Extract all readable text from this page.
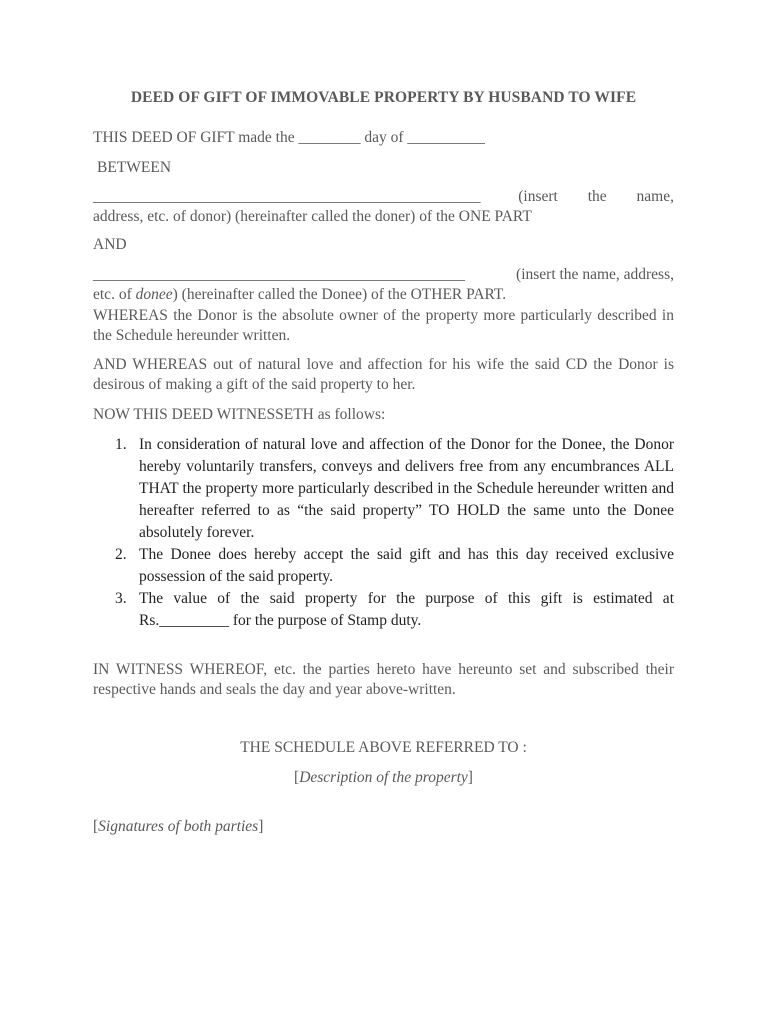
DEED OF GIFT OF IMMOVABLE PROPERTY BY HUSBAND TO WIFE
THIS DEED OF GIFT made the ________ day of __________
BETWEEN
__________________________________________________	(insert the name,
address, etc. of donor) (hereinafter called the doner) of the ONE PART
AND
________________________________________________	(insert the name, address,
etc. of donee) (hereinafter called the Donee) of the OTHER PART.

WHEREAS the Donor is the absolute owner of the property more particularly described in the Schedule hereunder written.

AND WHEREAS out of natural love and affection for his wife the said CD the Donor is desirous of making a gift of the said property to her.

NOW THIS DEED WITNESSETH as follows:

1. In consideration of natural love and affection of the Donor for the Donee, the Donor hereby voluntarily transfers, conveys and delivers free from any encumbrances ALL THAT the property more particularly described in the Schedule hereunder written and hereafter referred to as “the said property” TO HOLD the same unto the Donee absolutely forever.
2. The Donee does hereby accept the said gift and has this day received exclusive possession of the said property.
3. The value of the said property for the purpose of this gift is estimated at Rs._________ for the purpose of Stamp duty.

IN WITNESS WHEREOF, etc. the parties hereto have hereunto set and subscribed their respective hands and seals the day and year above-written.

THE SCHEDULE ABOVE REFERRED TO :

[Description of the property]

[Signatures of both parties]
